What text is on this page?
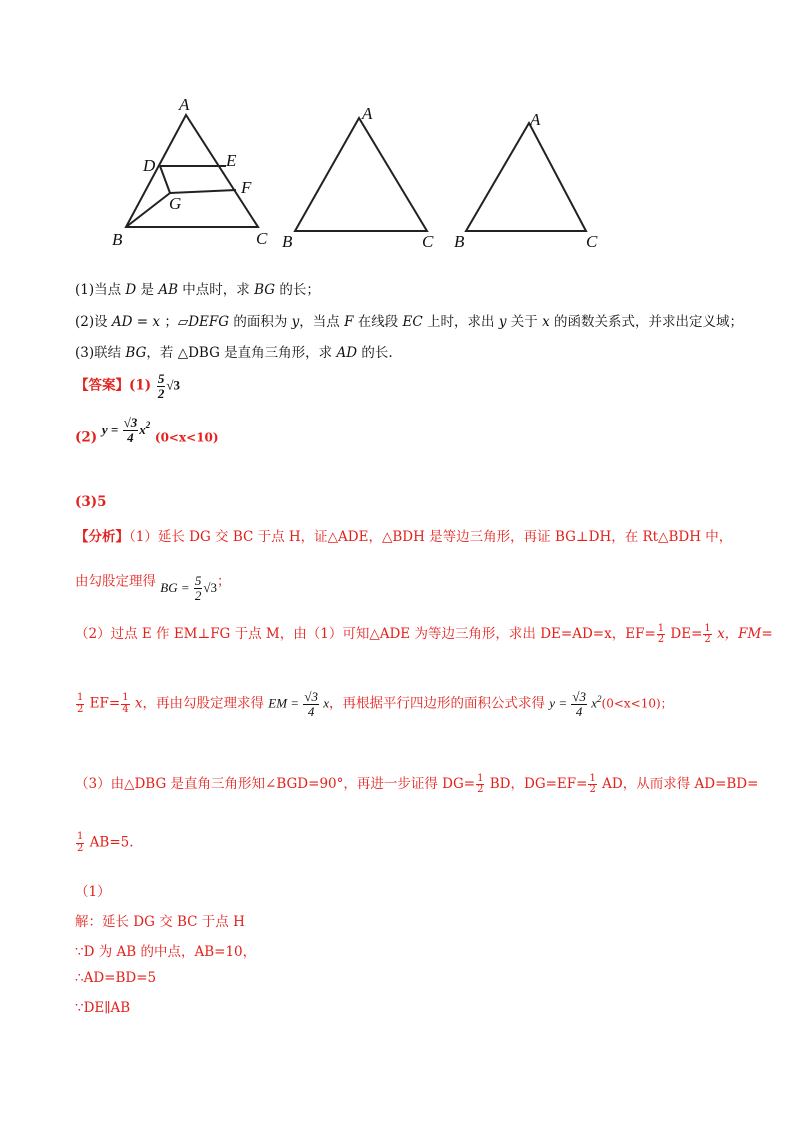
A
D	E
F
G
B	C
A
B	C
A
B	C
(1)当点 D 是 AB 中点时，求 BG 的长；
(2)设 AD = x ；▱DEFG 的面积为 y，当点 F 在线段 EC 上时，求出 y 关于 x 的函数关系式，并求出定义域；
(3)联结 BG，若 △DBG 是直角三角形，求 AD 的长.
【答案】$(1) \frac{5}{2} √3$
(2) $y = \frac{√3}{4} x^2$ (0<x<10)
(3)5
【分析】（1）延长 DG 交 BC 于点 H，证△ADE，△BDH 是等边三角形，再证 BG⊥DH，在 Rt△BDH 中，
由勾股定理得 BG = $\frac{5}{2} √3$；
（2）过点 E 作 EM⊥FG 于点 M，由（1）可知△ADE 为等边三角形，求出 DE=AD=x，$EF= \frac{1}{2} DE= \frac{1}{2}$ x，FM=
$\frac{1}{2} EF= \frac{1}{4}$ x，再由勾股定理求得 EM = $\frac{√3}{4}$ x，再根据平行四边形的面积公式求得 $y = \frac{√3}{4} x^2(0<x<10)$；
（3）由△DBG 是直角三角形知∠BGD=90°，再进一步证得 $DG= \frac{1}{2}$ BD，$DG=EF= \frac{1}{2}$ AD，从而求得 AD=BD=
$\frac{1}{2} AB=5$.
（1）
解：延长 DG 交 BC 于点 H
∵D 为 AB 的中点，AB=10，
∴AD=BD=5
∵DE∥AB
